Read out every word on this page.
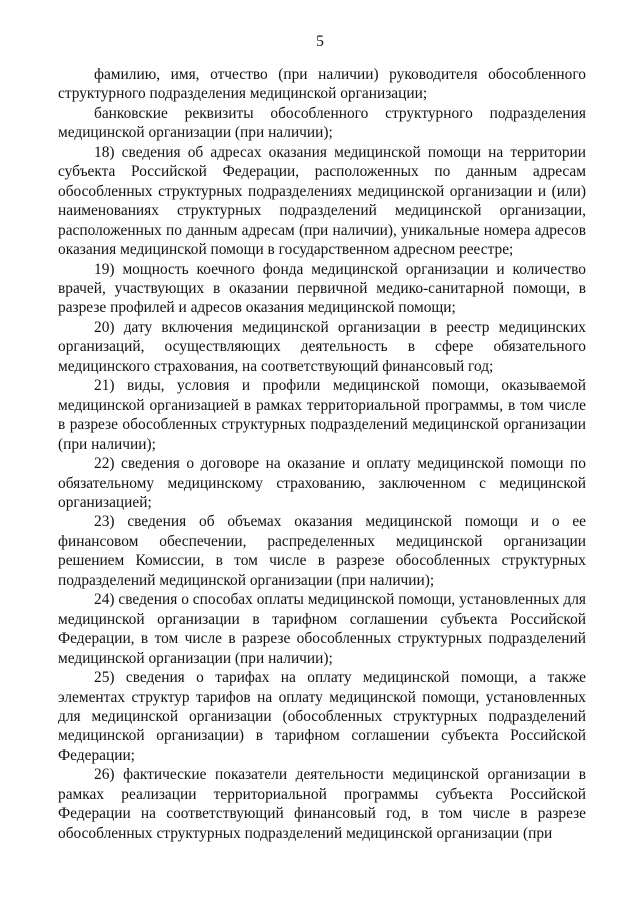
5

фамилию, имя, отчество (при наличии) руководителя обособленного структурного подразделения медицинской организации;

банковские реквизиты обособленного структурного подразделения медицинской организации (при наличии);

18) сведения об адресах оказания медицинской помощи на территории субъекта Российской Федерации, расположенных по данным адресам обособленных структурных подразделениях медицинской организации и (или) наименованиях структурных подразделений медицинской организации, расположенных по данным адресам (при наличии), уникальные номера адресов оказания медицинской помощи в государственном адресном реестре;

19) мощность коечного фонда медицинской организации и количество врачей, участвующих в оказании первичной медико-санитарной помощи, в разрезе профилей и адресов оказания медицинской помощи;

20) дату включения медицинской организации в реестр медицинских организаций, осуществляющих деятельность в сфере обязательного медицинского страхования, на соответствующий финансовый год;

21) виды, условия и профили медицинской помощи, оказываемой медицинской организацией в рамках территориальной программы, в том числе в разрезе обособленных структурных подразделений медицинской организации (при наличии);

22) сведения о договоре на оказание и оплату медицинской помощи по обязательному медицинскому страхованию, заключенном с медицинской организацией;

23) сведения об объемах оказания медицинской помощи и о ее финансовом обеспечении, распределенных медицинской организации решением Комиссии, в том числе в разрезе обособленных структурных подразделений медицинской организации (при наличии);

24) сведения о способах оплаты медицинской помощи, установленных для медицинской организации в тарифном соглашении субъекта Российской Федерации, в том числе в разрезе обособленных структурных подразделений медицинской организации (при наличии);

25) сведения о тарифах на оплату медицинской помощи, а также элементах структур тарифов на оплату медицинской помощи, установленных для медицинской организации (обособленных структурных подразделений медицинской организации) в тарифном соглашении субъекта Российской Федерации;

26) фактические показатели деятельности медицинской организации в рамках реализации территориальной программы субъекта Российской Федерации на соответствующий финансовый год, в том числе в разрезе обособленных структурных подразделений медицинской организации (при
